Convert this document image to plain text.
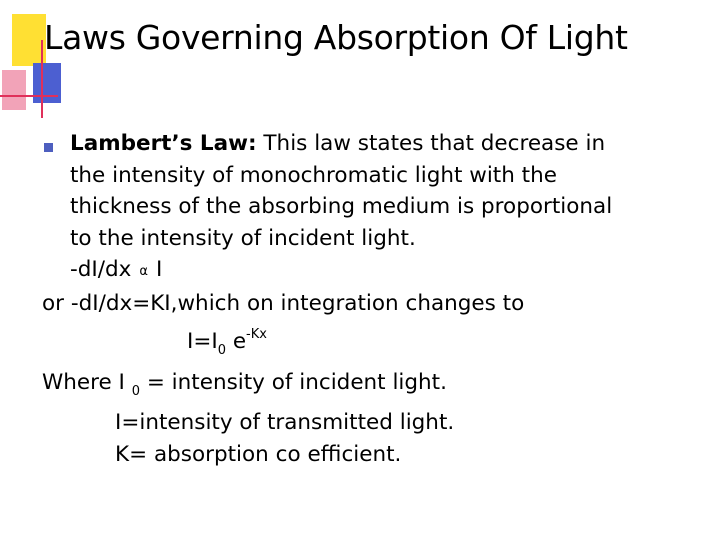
Laws Governing Absorption Of Light
Lambert’s Law: This law states that decrease in
the intensity of monochromatic light with the
thickness of the absorbing medium is proportional
to the intensity of incident light.
-dI/dx α I
or -dI/dx=KI,which on integration changes to
$I=I_0$ $e^{-Kx}$
Where I $_0$ = intensity of incident light.
I=intensity of transmitted light.
K= absorption co efficient.
